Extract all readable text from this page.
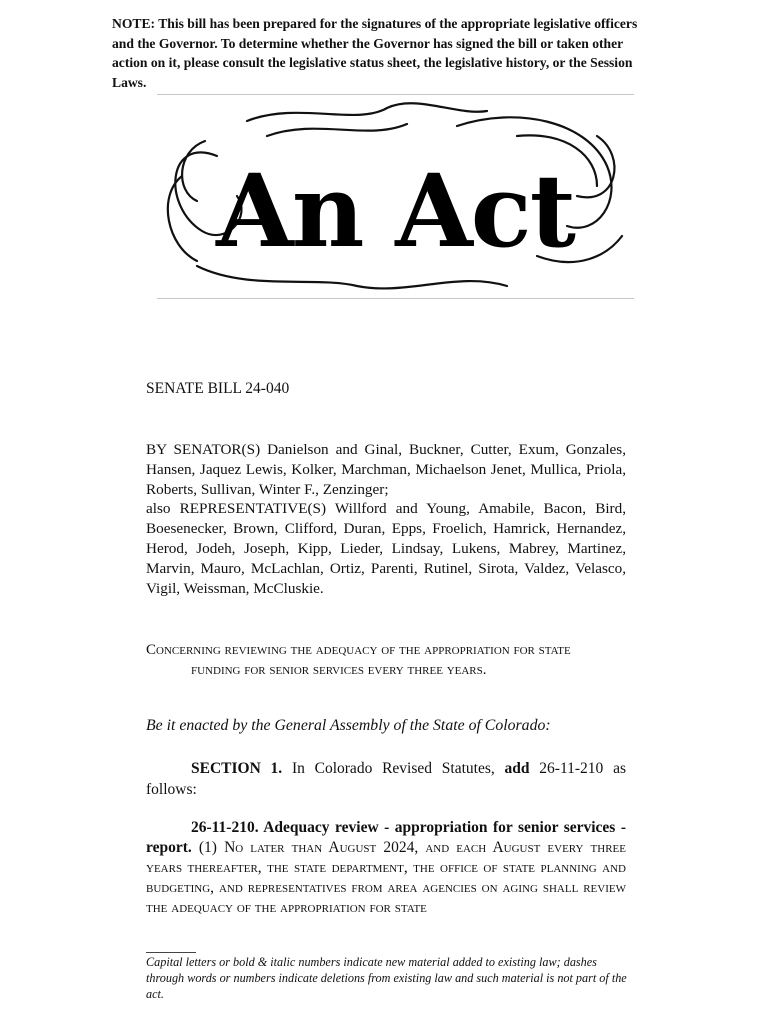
NOTE: This bill has been prepared for the signatures of the appropriate legislative officers and the Governor. To determine whether the Governor has signed the bill or taken other action on it, please consult the legislative status sheet, the legislative history, or the Session Laws.
An Act
SENATE BILL 24-040

BY SENATOR(S) Danielson and Ginal, Buckner, Cutter, Exum, Gonzales, Hansen, Jaquez Lewis, Kolker, Marchman, Michaelson Jenet, Mullica, Priola, Roberts, Sullivan, Winter F., Zenzinger;

also REPRESENTATIVE(S) Willford and Young, Amabile, Bacon, Bird, Boesenecker, Brown, Clifford, Duran, Epps, Froelich, Hamrick, Hernandez, Herod, Jodeh, Joseph, Kipp, Lieder, Lindsay, Lukens, Mabrey, Martinez, Marvin, Mauro, McLachlan, Ortiz, Parenti, Rutinel, Sirota, Valdez, Velasco, Vigil, Weissman, McCluskie.

Concerning reviewing the adequacy of the appropriation for state
funding for senior services every three years.
Be it enacted by the General Assembly of the State of Colorado:
SECTION 1. In Colorado Revised Statutes, add 26-11-210 as follows:
26-11-210. Adequacy review - appropriation for senior services - report. (1) No later than August 2024, and each August every three years thereafter, the state department, the office of state planning and budgeting, and representatives from area agencies on aging shall review the adequacy of the appropriation for state
Capital letters or bold & italic numbers indicate new material added to existing law; dashes through words or numbers indicate deletions from existing law and such material is not part of the act.
